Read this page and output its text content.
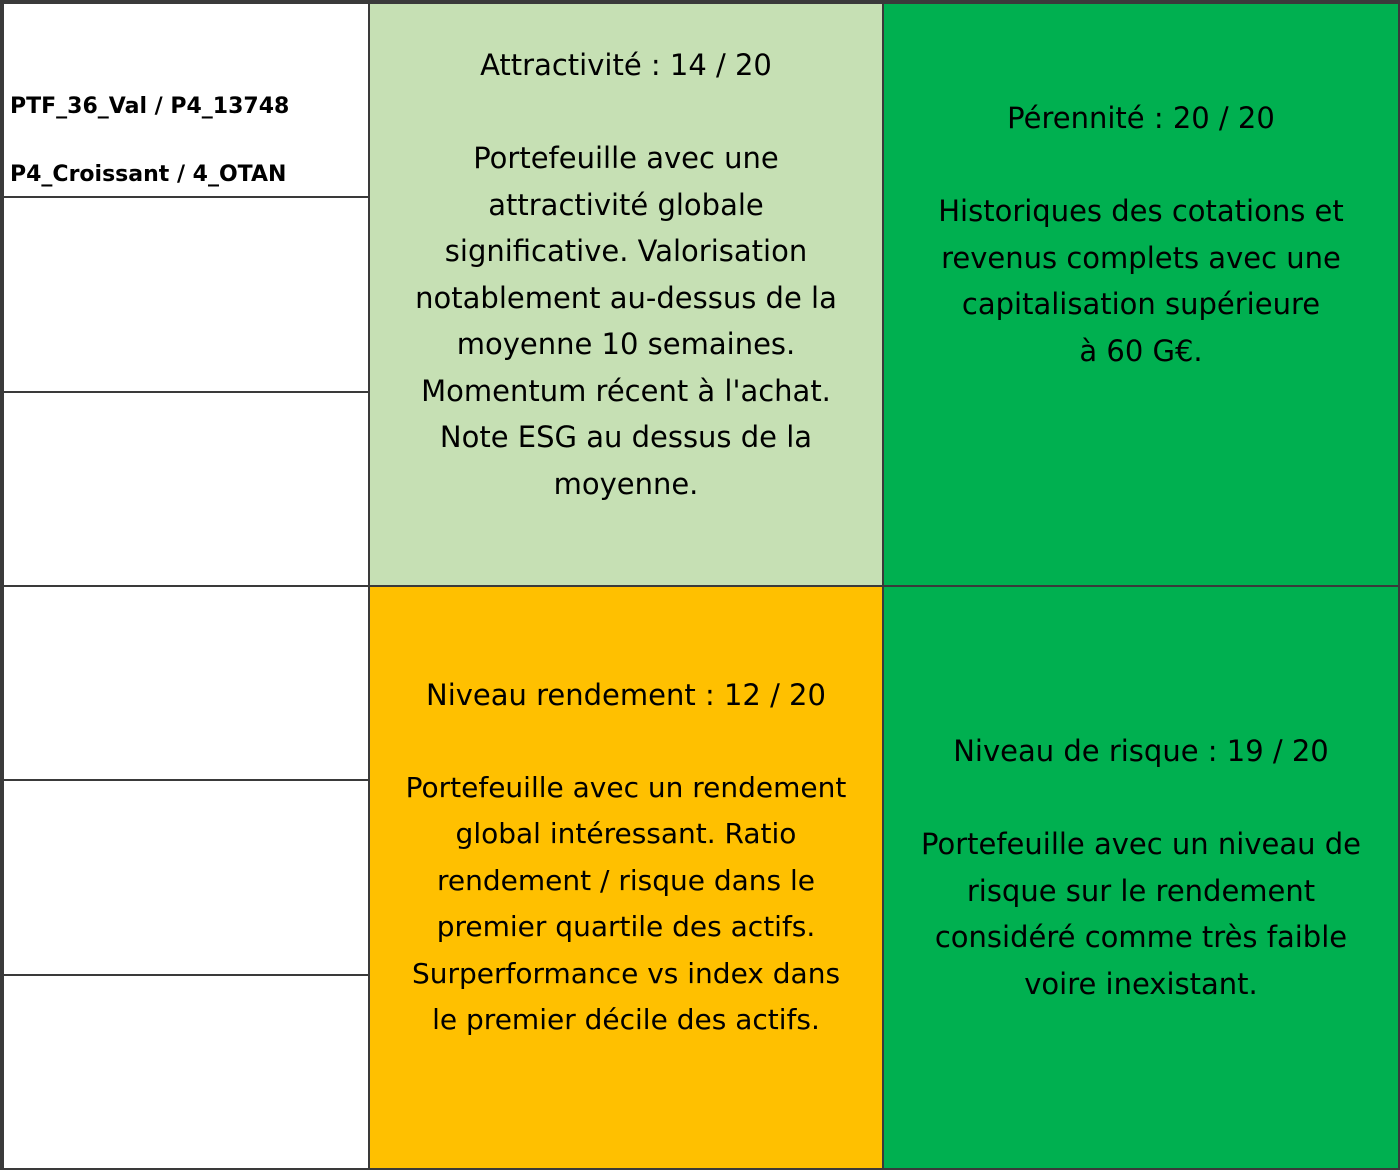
PTF_36_Val / P4_13748

P4_Croissant / 4_OTAN

Attractivité : 14 / 20
Portefeuille avec une
attractivité globale
significative. Valorisation
notablement au-dessus de la
moyenne 10 semaines.
Momentum récent à l'achat.
Note ESG au dessus de la
moyenne.
Pérennité : 20 / 20
Historiques des cotations et
revenus complets avec une
capitalisation supérieure
à 60 G€.
Niveau rendement : 12 / 20
Portefeuille avec un rendement
global intéressant. Ratio
rendement / risque dans le
premier quartile des actifs.
Surperformance vs index dans
le premier décile des actifs.
Niveau de risque : 19 / 20
Portefeuille avec un niveau de
risque sur le rendement
considéré comme très faible
voire inexistant.
